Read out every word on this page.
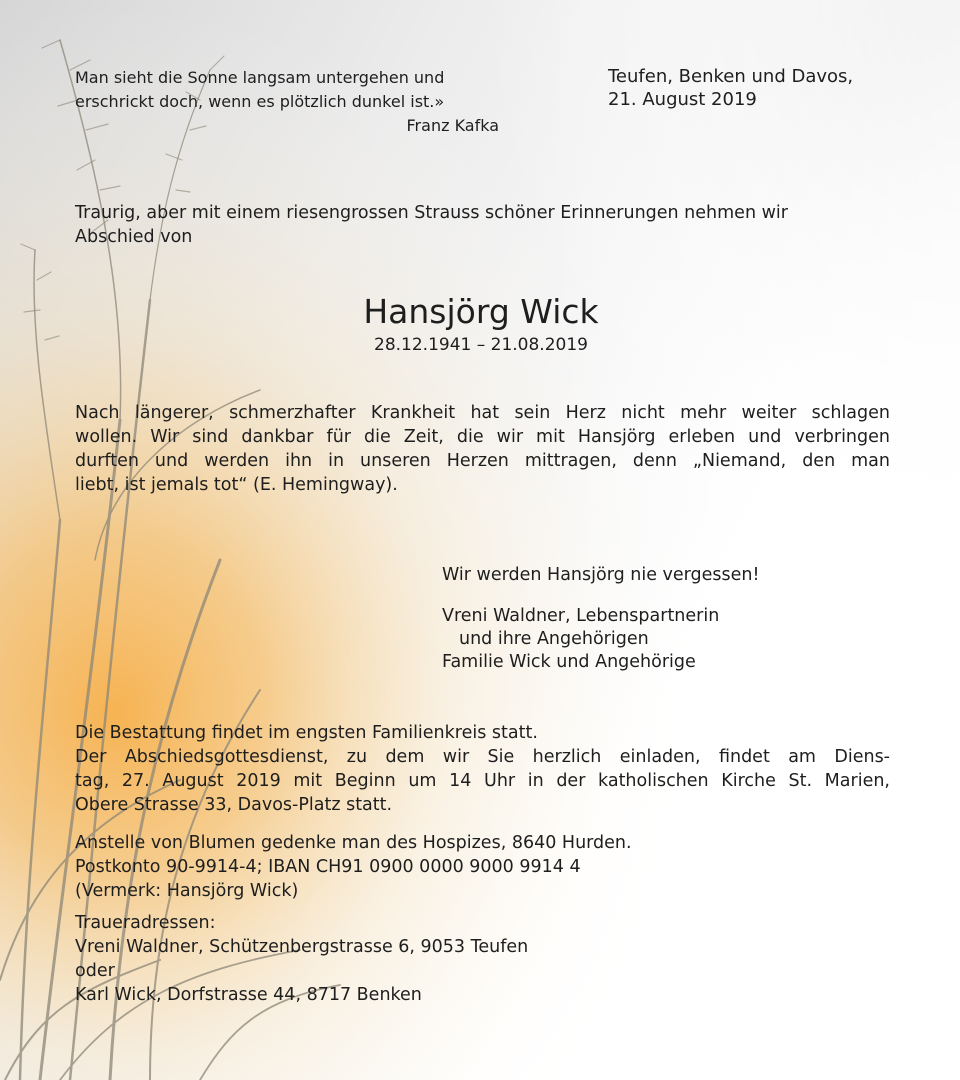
Man sieht die Sonne langsam untergehen und
erschrickt doch, wenn es plötzlich dunkel ist.»
Franz Kafka
Teufen, Benken und Davos,
21. August 2019
Traurig, aber mit einem riesengrossen Strauss schöner Erinnerungen nehmen wir
Abschied von
Hansjörg Wick
28.12.1941 – 21.08.2019
Nach längerer, schmerzhafter Krankheit hat sein Herz nicht mehr weiter schlagen
wollen. Wir sind dankbar für die Zeit, die wir mit Hansjörg erleben und verbringen
durften und werden ihn in unseren Herzen mittragen, denn „Niemand, den man
liebt, ist jemals tot“ (E. Hemingway).
Wir werden Hansjörg nie vergessen!
Vreni Waldner, Lebenspartnerin
und ihre Angehörigen
Familie Wick und Angehörige
Die Bestattung findet im engsten Familienkreis statt.
Der Abschiedsgottesdienst, zu dem wir Sie herzlich einladen, findet am Diens-
tag, 27. August 2019 mit Beginn um 14 Uhr in der katholischen Kirche St. Marien,
Obere Strasse 33, Davos-Platz statt.
Anstelle von Blumen gedenke man des Hospizes, 8640 Hurden.
Postkonto 90-9914-4; IBAN CH91 0900 0000 9000 9914 4
(Vermerk: Hansjörg Wick)
Traueradressen:
Vreni Waldner, Schützenbergstrasse 6, 9053 Teufen
oder
Karl Wick, Dorfstrasse 44, 8717 Benken
